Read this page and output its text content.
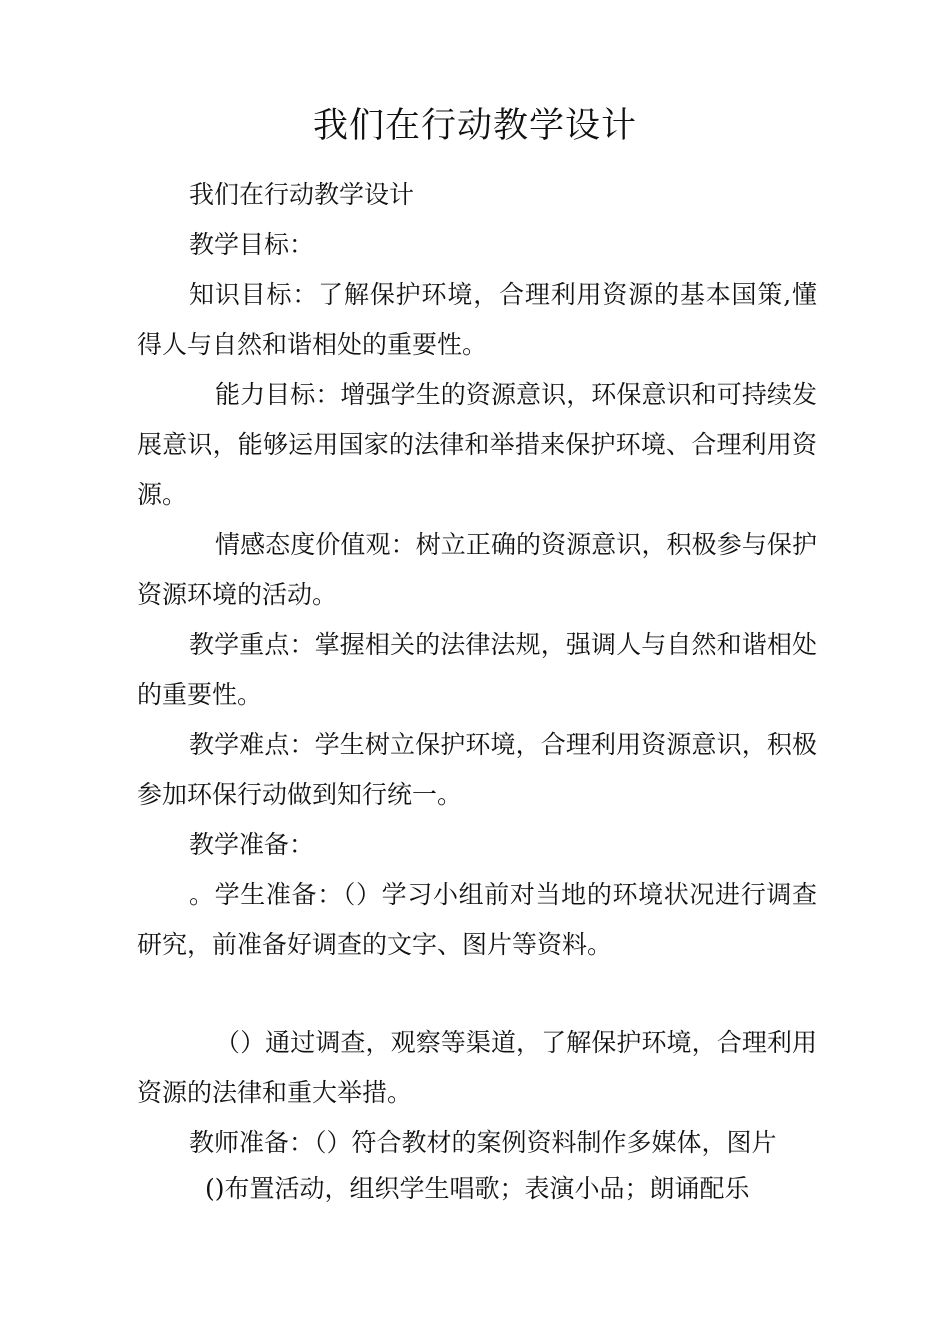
我们在行动教学设计

我们在行动教学设计

教学目标：

知识目标：了解保护环境，合理利用资源的基本国策,懂得人与自然和谐相处的重要性。

能力目标：增强学生的资源意识，环保意识和可持续发展意识，能够运用国家的法律和举措来保护环境、合理利用资源。

情感态度价值观：树立正确的资源意识，积极参与保护资源环境的活动。

教学重点：掌握相关的法律法规，强调人与自然和谐相处的重要性。

教学难点：学生树立保护环境，合理利用资源意识，积极参加环保行动做到知行统一。

教学准备：

。学生准备：（）学习小组前对当地的环境状况进行调查研究，前准备好调查的文字、图片等资料。

（）通过调查，观察等渠道，了解保护环境，合理利用资源的法律和重大举措。

教师准备：（）符合教材的案例资料制作多媒体，图片

()布置活动，组织学生唱歌；表演小品；朗诵配乐
